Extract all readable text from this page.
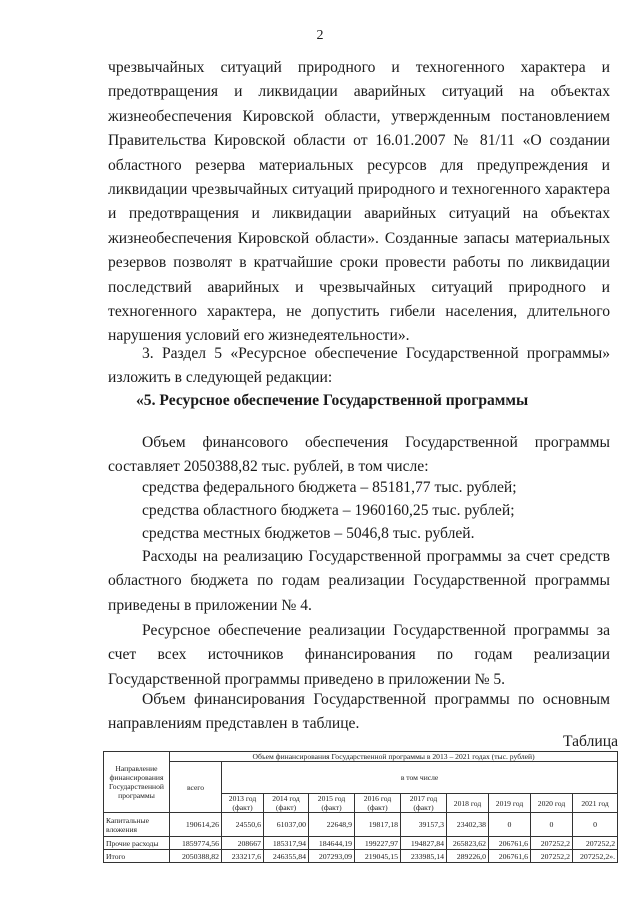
2

чрезвычайных ситуаций природного и техногенного характера и предотвращения и ликвидации аварийных ситуаций на объектах жизнеобеспечения Кировской области, утвержденным постановлением Правительства Кировской области от 16.01.2007 № 81/11 «О создании областного резерва материальных ресурсов для предупреждения и ликвидации чрезвычайных ситуаций природного и техногенного характера и предотвращения и ликвидации аварийных ситуаций на объектах жизнеобеспечения Кировской области». Созданные запасы материальных резервов позволят в кратчайшие сроки провести работы по ликвидации последствий аварийных и чрезвычайных ситуаций природного и техногенного характера, не допустить гибели населения, длительного нарушения условий его жизнедеятельности».

3. Раздел 5 «Ресурсное обеспечение Государственной программы» изложить в следующей редакции:

«5. Ресурсное обеспечение Государственной программы

Объем финансового обеспечения Государственной программы составляет 2050388,82 тыс. рублей, в том числе:

средства федерального бюджета – 85181,77 тыс. рублей;
средства областного бюджета – 1960160,25 тыс. рублей;
средства местных бюджетов – 5046,8 тыс. рублей.

Расходы на реализацию Государственной программы за счет средств областного бюджета по годам реализации Государственной программы приведены в приложении № 4.

Ресурсное обеспечение реализации Государственной программы за счет всех источников финансирования по годам реализации Государственной программы приведено в приложении № 5.

Объем финансирования Государственной программы по основным направлениям представлен в таблице.

Таблица
Направление финансирования Государственной программы	Объем финансирования Государственной программы в 2013 – 2021 годах (тыс. рублей)									
	всего	в том числе								
		2013 год (факт)	2014 год (факт)	2015 год (факт)	2016 год (факт)	2017 год (факт)	2018 год	2019 год	2020 год	2021 год
Капитальные вложения	190614,26	24550,6	61037,00	22648,9	19817,18	39157,3	23402,38	0	0	0
Прочие расходы	1859774,56	208667	185317,94	184644,19	199227,97	194827,84	265823,62	206761,6	207252,2	207252,2
Итого	2050388,82	233217,6	246355,84	207293,09	219045,15	233985,14	289226,0	206761,6	207252,2	207252,2».
